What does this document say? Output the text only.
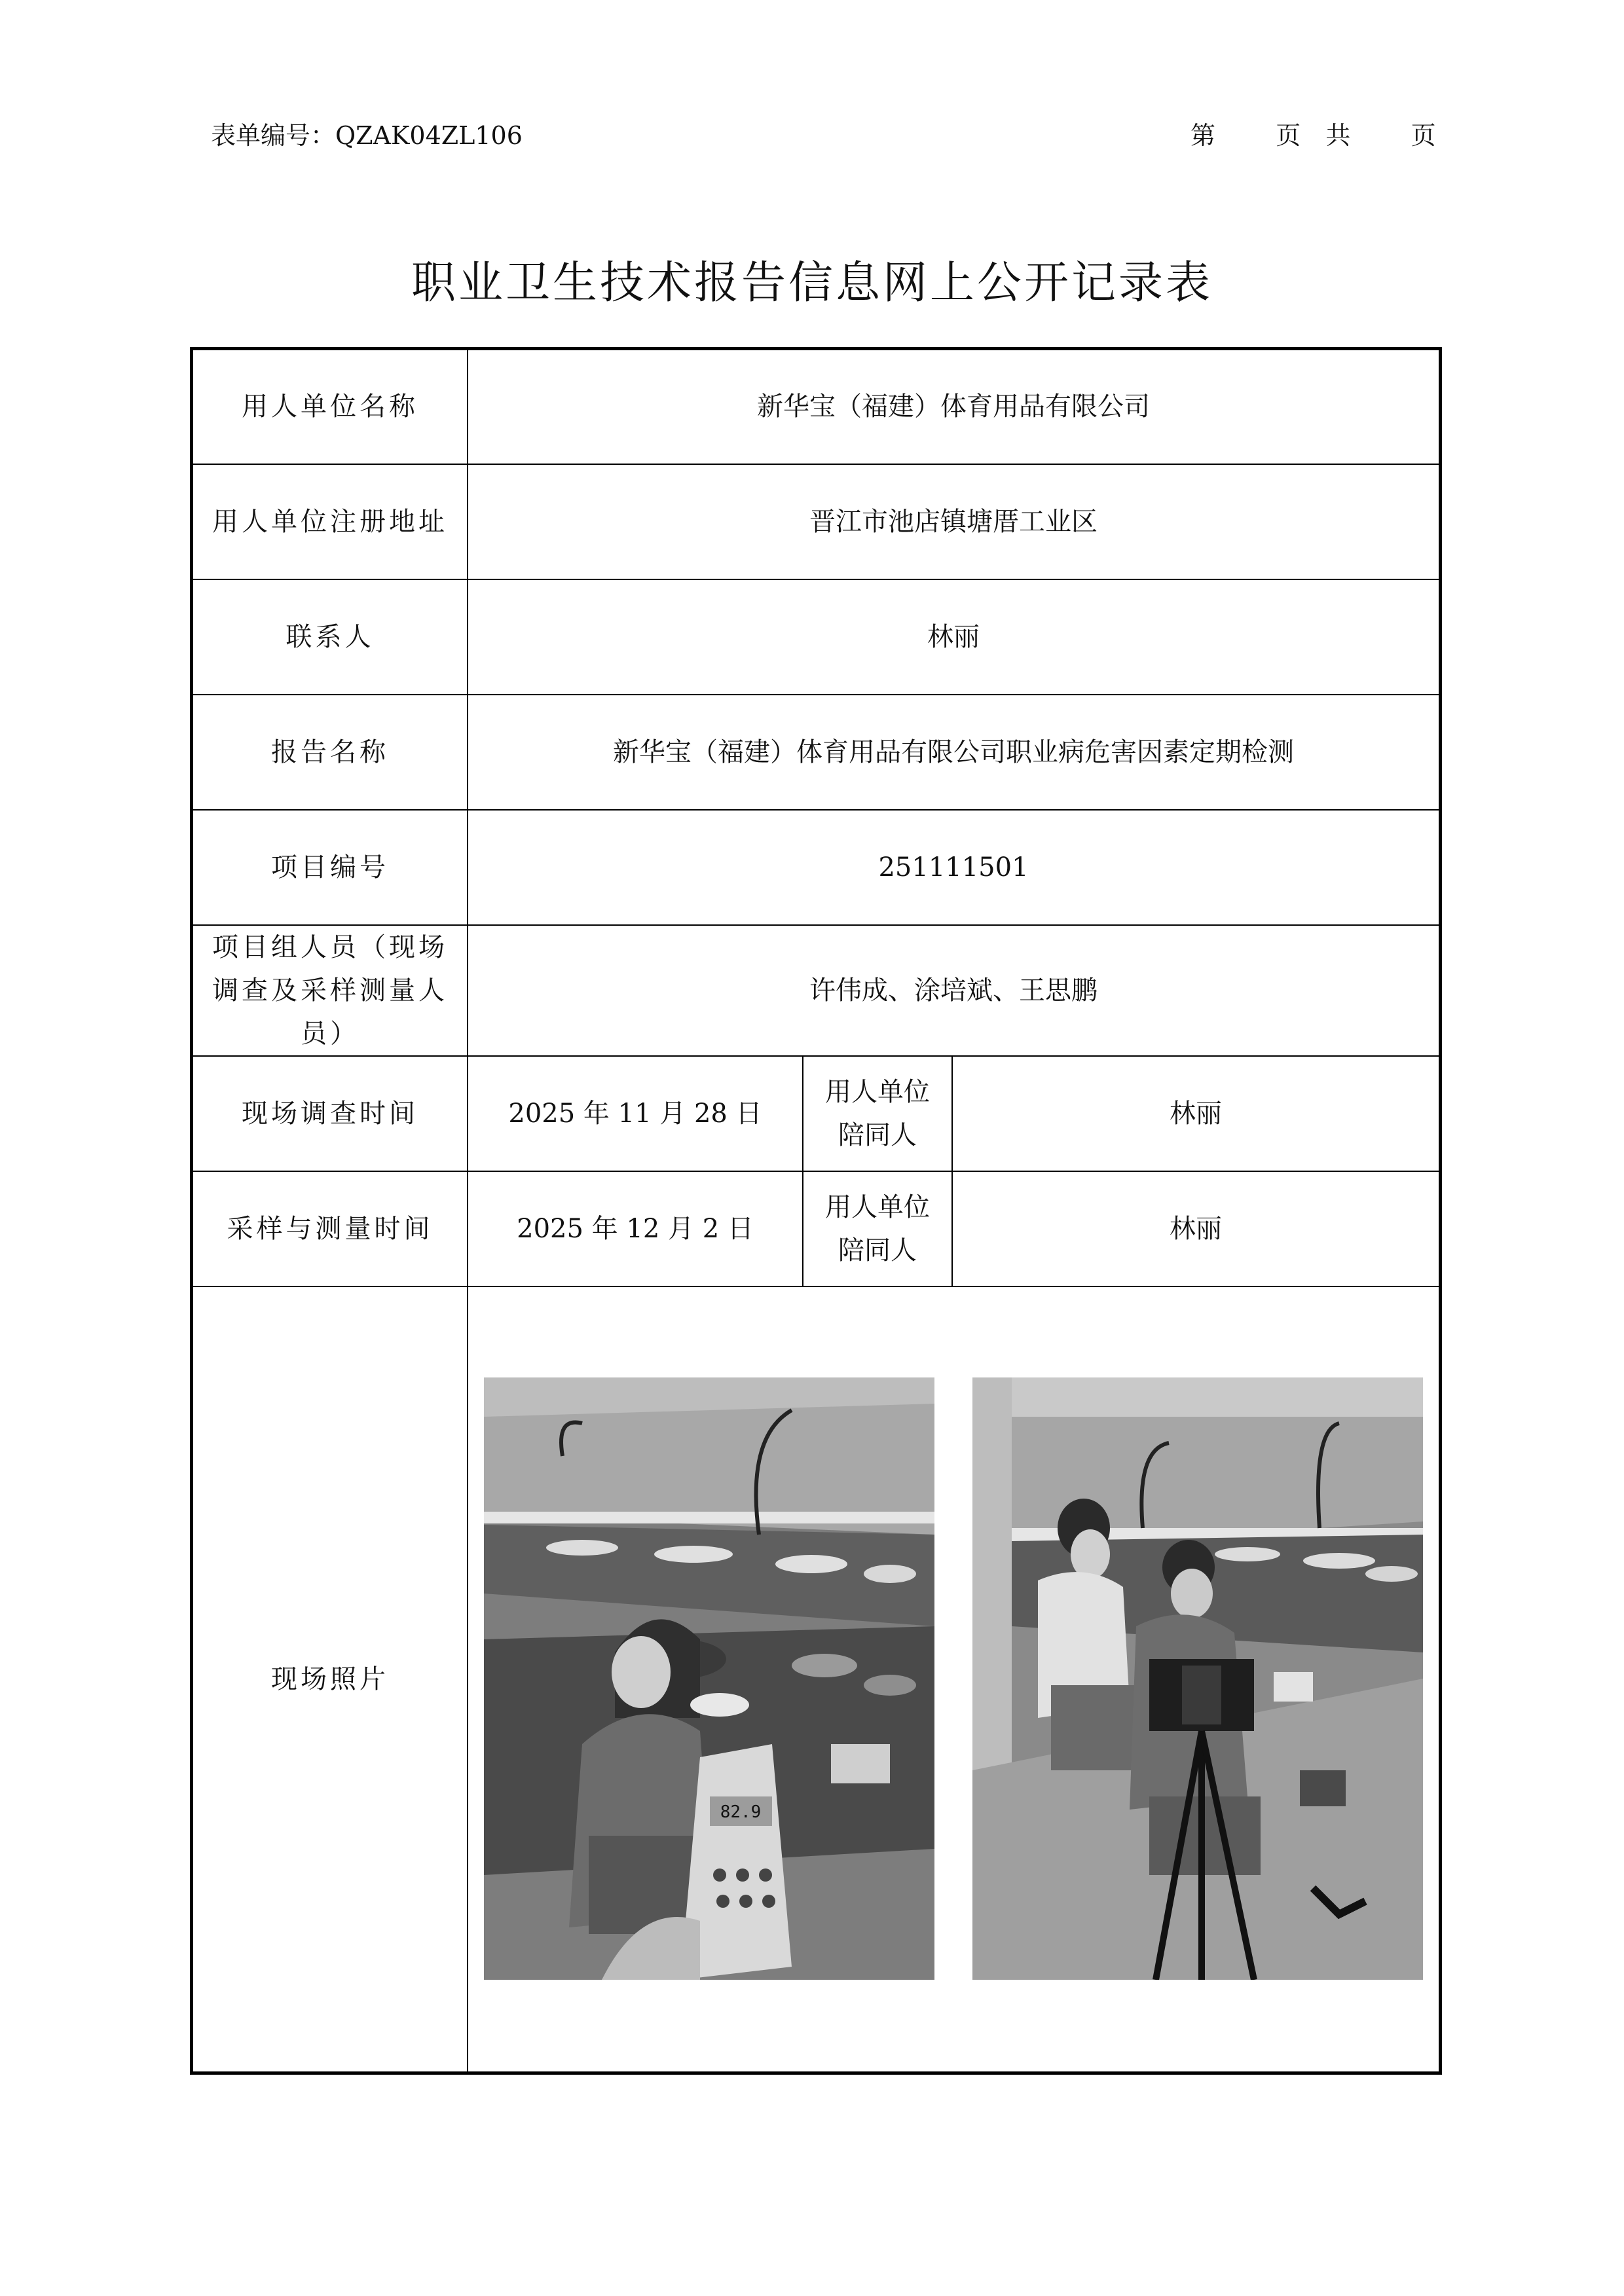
表单编号：QZAK04ZL106	第 页 共 页
职业卫生技术报告信息网上公开记录表
用人单位名称	新华宝（福建）体育用品有限公司		
用人单位注册地址	晋江市池店镇塘厝工业区		
联系人	林丽		
报告名称	新华宝（福建）体育用品有限公司职业病危害因素定期检测		
项目编号	251111501		
项目组人员（现场调查及采样测量人员）	许伟成、涂培斌、王思鹏		
现场调查时间	2025 年 11 月 28 日	用人单位陪同人	林丽
采样与测量时间	2025 年 12 月 2 日	用人单位陪同人	林丽
现场照片	82.9		
